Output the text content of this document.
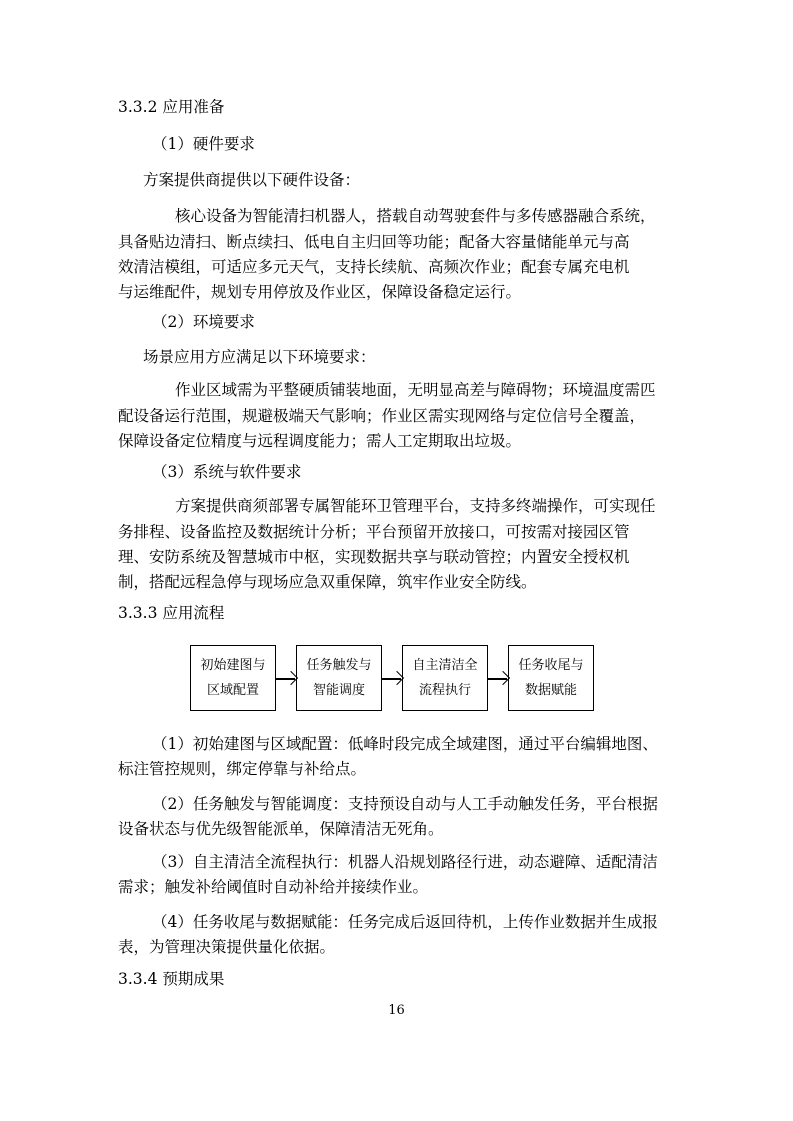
3.3.2 应用准备
（1）硬件要求
方案提供商提供以下硬件设备：
核心设备为智能清扫机器人，搭载自动驾驶套件与多传感器融合系统，
具备贴边清扫、断点续扫、低电自主归回等功能；配备大容量储能单元与高
效清洁模组，可适应多元天气，支持长续航、高频次作业；配套专属充电机
与运维配件，规划专用停放及作业区，保障设备稳定运行。
（2）环境要求
场景应用方应满足以下环境要求：
作业区域需为平整硬质铺装地面，无明显高差与障碍物；环境温度需匹
配设备运行范围，规避极端天气影响；作业区需实现网络与定位信号全覆盖，
保障设备定位精度与远程调度能力；需人工定期取出垃圾。
（3）系统与软件要求
方案提供商须部署专属智能环卫管理平台，支持多终端操作，可实现任
务排程、设备监控及数据统计分析；平台预留开放接口，可按需对接园区管
理、安防系统及智慧城市中枢，实现数据共享与联动管控；内置安全授权机
制，搭配远程急停与现场应急双重保障，筑牢作业安全防线。
3.3.3 应用流程
初始建图与
区域配置
任务触发与
智能调度
自主清洁全
流程执行
任务收尾与
数据赋能
（1）初始建图与区域配置：低峰时段完成全域建图，通过平台编辑地图、
标注管控规则，绑定停靠与补给点。
（2）任务触发与智能调度：支持预设自动与人工手动触发任务，平台根据
设备状态与优先级智能派单，保障清洁无死角。
（3）自主清洁全流程执行：机器人沿规划路径行进，动态避障、适配清洁
需求；触发补给阈值时自动补给并接续作业。
（4）任务收尾与数据赋能：任务完成后返回待机，上传作业数据并生成报
表，为管理决策提供量化依据。
3.3.4 预期成果
16
